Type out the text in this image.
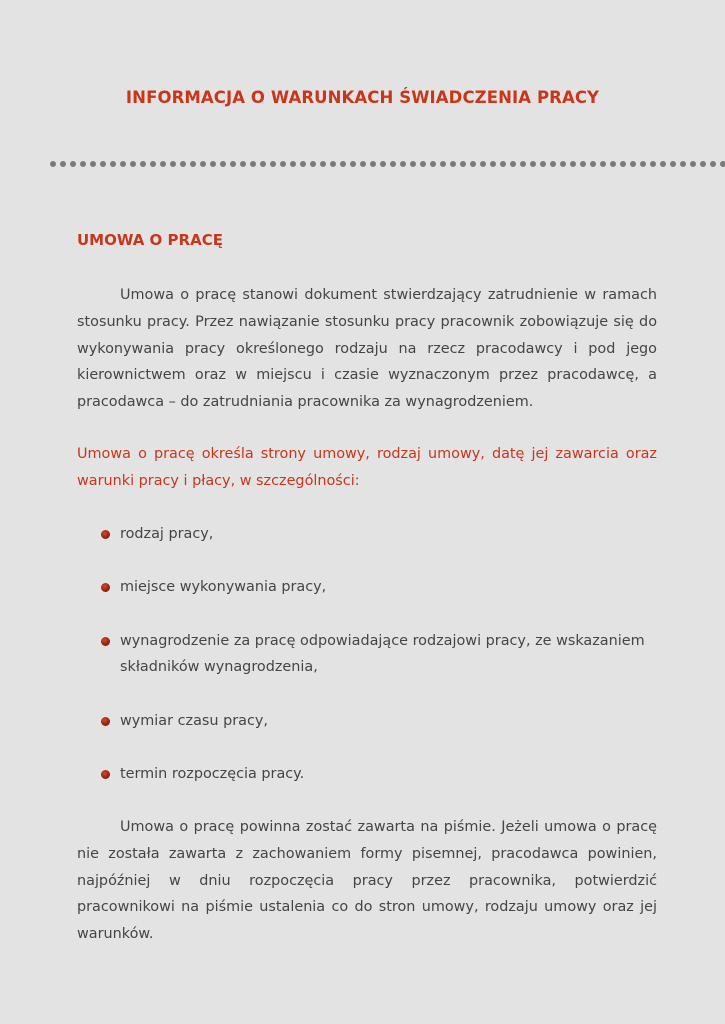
INFORMACJA O WARUNKACH ŚWIADCZENIA PRACY
UMOWA O PRACĘ

Umowa o pracę stanowi dokument stwierdzający zatrudnienie w ramach stosunku pracy. Przez nawiązanie stosunku pracy pracownik zobowiązuje się do wykonywania pracy określonego rodzaju na rzecz pracodawcy i pod jego kierownictwem oraz w miejscu i czasie wyznaczonym przez pracodawcę, a pracodawca – do zatrudniania pracownika za wynagrodzeniem.

Umowa o pracę określa strony umowy, rodzaj umowy, datę jej zawarcia oraz warunki pracy i płacy, w szczególności:

rodzaj pracy,
miejsce wykonywania pracy,
wynagrodzenie za pracę odpowiadające rodzajowi pracy, ze wskazaniem składników wynagrodzenia,
wymiar czasu pracy,
termin rozpoczęcia pracy.

Umowa o pracę powinna zostać zawarta na piśmie. Jeżeli umowa o pracę nie została zawarta z zachowaniem formy pisemnej, pracodawca powinien, najpóźniej w dniu rozpoczęcia pracy przez pracownika, potwierdzić pracownikowi na piśmie ustalenia co do stron umowy, rodzaju umowy oraz jej warunków.
